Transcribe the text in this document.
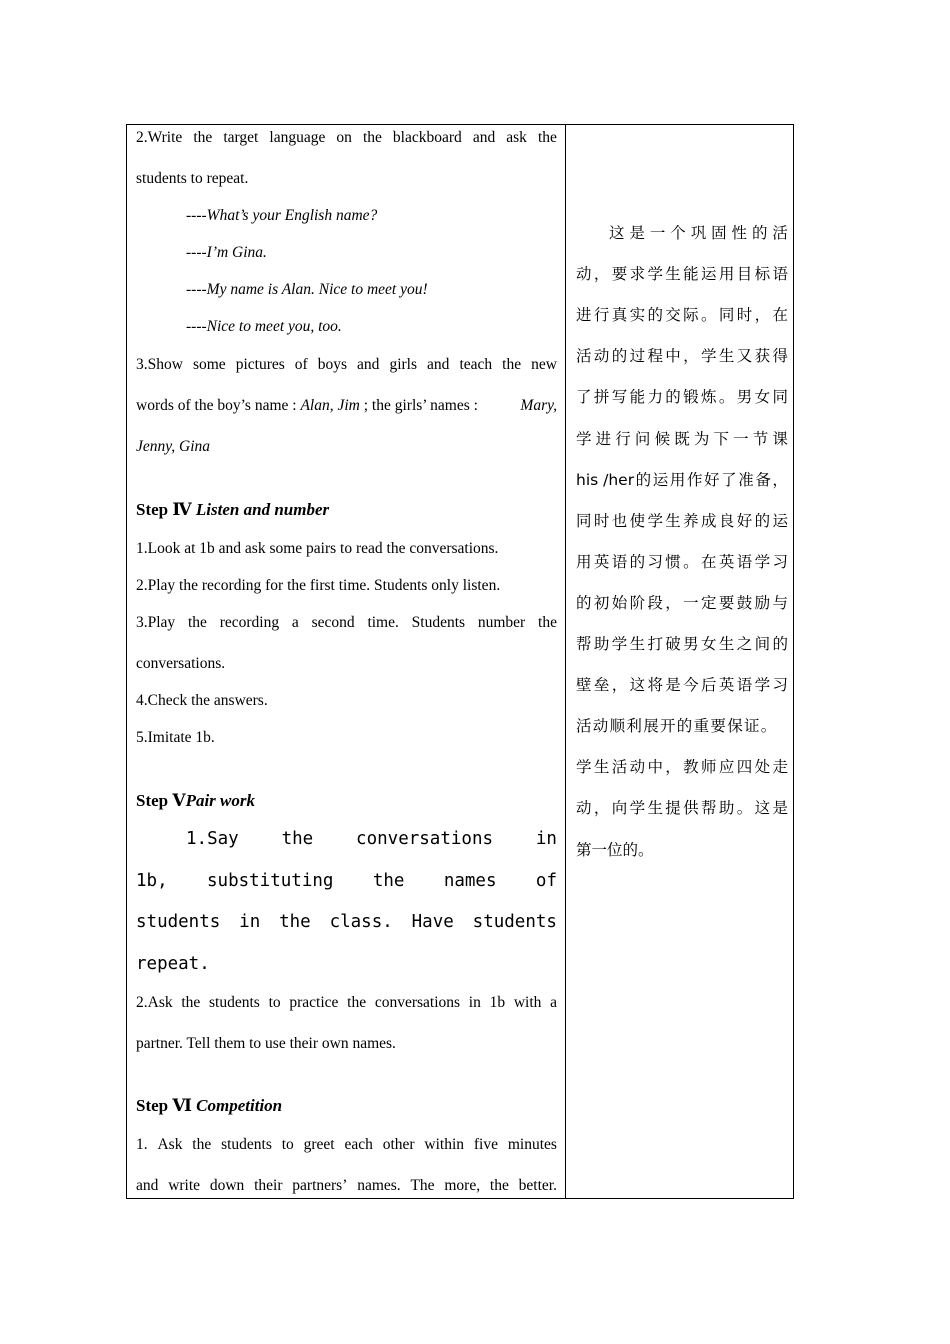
2.Write the target language on the blackboard and ask the
students to repeat.
----What’s your English name?
----I’m Gina.
----My name is Alan. Nice to meet you!
----Nice to meet you, too.
3.Show some pictures of boys and girls and teach the new
words of the boy’s name : Alan, Jim ; the girls’ names :	Mary,
Jenny, Gina
Step Ⅳ Listen and number
1.Look at 1b and ask some pairs to read the conversations.
2.Play the recording for the first time. Students only listen.
3.Play the recording a second time. Students number the
conversations.
4.Check the answers.
5.Imitate 1b.
Step ⅤPair work
1.Say the conversations in
1b, substituting the names of
students in the class. Have students
repeat.
2.Ask the students to practice the conversations in 1b with a
partner. Tell them to use their own names.
Step Ⅵ Competition
1. Ask the students to greet each other within five minutes
and write down their partners’ names. The more, the better.
这 是 一 个 巩 固 性 的 活
动 ， 要 求 学 生 能 运 用 目 标 语
进 行 真 实 的 交 际 。 同 时 ， 在
活 动 的 过 程 中 ， 学 生 又 获 得
了 拼 写 能 力 的 锻 炼 。 男 女 同
学 进 行 问 候 既 为 下 一 节 课
his /her 的 运 用 作 好 了 准 备 ，
同 时 也 使 学 生 养 成 良 好 的 运
用 英 语 的 习 惯 。 在 英 语 学 习
的 初 始 阶 段 ， 一 定 要 鼓 励 与
帮 助 学 生 打 破 男 女 生 之 间 的
壁 垒 ， 这 将 是 今 后 英 语 学 习
活动顺利展开的重要保证。
学 生 活 动 中 ， 教 师 应 四 处 走
动 ， 向 学 生 提 供 帮 助 。 这 是
第一位的。
